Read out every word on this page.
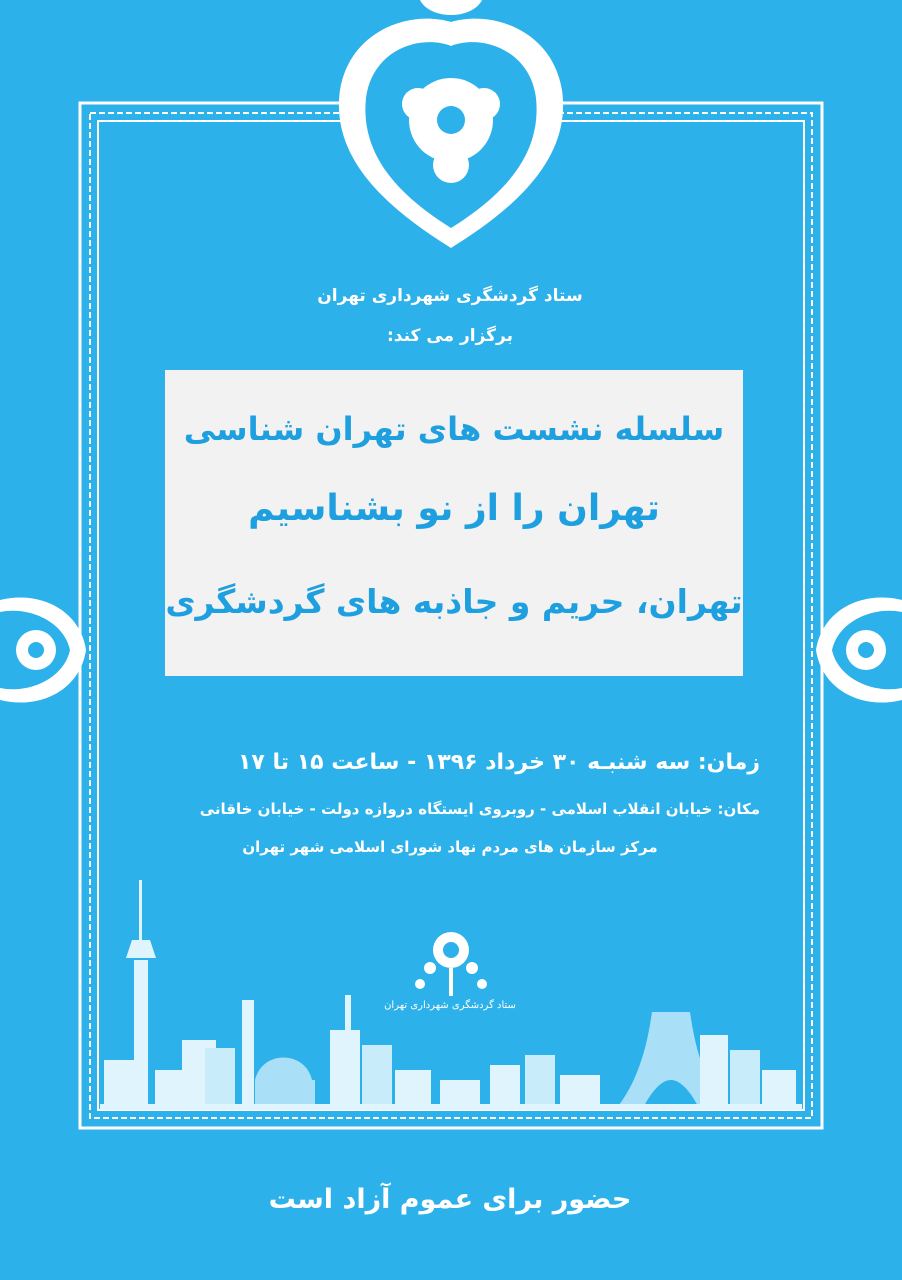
ستاد گردشگری شهرداری تهران
برگزار می کند:
سلسله نشست های تهران شناسی
تهران را از نو بشناسیم
تهران، حریم و جاذبه های گردشگری
زمان: سه شنبـه ۳۰ خرداد ۱۳۹۶ - ساعت ۱۵ تا ۱۷
مکان: خیابان انقلاب اسلامی - روبروی ایستگاه دروازه دولت - خیابان خاقانی
مرکز سازمان های مردم نهاد شورای اسلامی شهر تهران
ستاد گردشگری شهرداری تهران
حضور برای عموم آزاد است
